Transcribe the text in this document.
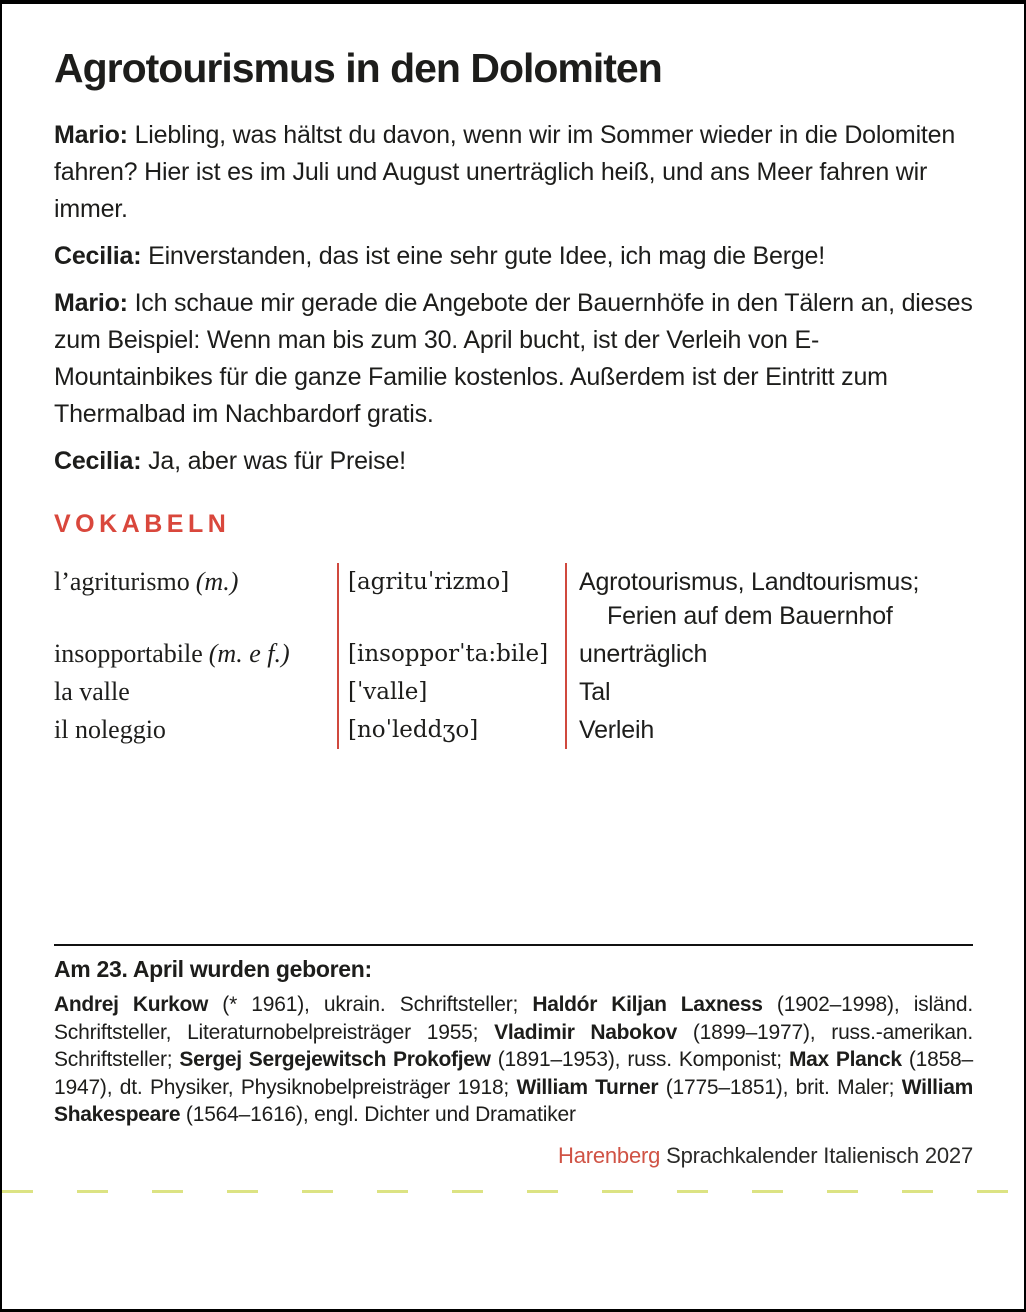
Agrotourismus in den Dolomiten

Mario: Liebling, was hältst du davon, wenn wir im Sommer wieder in die Dolomiten fahren? Hier ist es im Juli und August unerträglich heiß, und ans Meer fahren wir immer.

Cecilia: Einverstanden, das ist eine sehr gute Idee, ich mag die Berge!

Mario: Ich schaue mir gerade die Angebote der Bauernhöfe in den Tälern an, dieses zum Beispiel: Wenn man bis zum 30. April bucht, ist der Verleih von E-Mountainbikes für die ganze Familie kostenlos. Außerdem ist der Eintritt zum Thermalbad im Nachbardorf gratis.

Cecilia: Ja, aber was für Preise!

VOKABELN
l’agriturismo (m.)	[agrituˈrizmo]	Agrotourismus, Landtourismus;
Ferien auf dem Bauernhof
insopportabile (m. e f.)	[insopporˈta:bile]	unerträglich
la valle	[ˈvalle]	Tal
il noleggio	[noˈleddʒo]	Verleih
Am 23. April wurden geboren:

Andrej Kurkow (* 1961), ukrain. Schriftsteller; Haldór Kiljan Laxness (1902–1998), isländ. Schriftsteller, Literaturnobelpreisträger 1955; Vladimir Nabokov (1899–1977), russ.-amerikan. Schriftsteller; Sergej Sergejewitsch Prokofjew (1891–1953), russ. Komponist; Max Planck (1858–1947), dt. Physiker, Physiknobelpreisträger 1918; William Turner (1775–1851), brit. Maler; William Shakespeare (1564–1616), engl. Dichter und Dramatiker

Harenberg Sprachkalender Italienisch 2027
